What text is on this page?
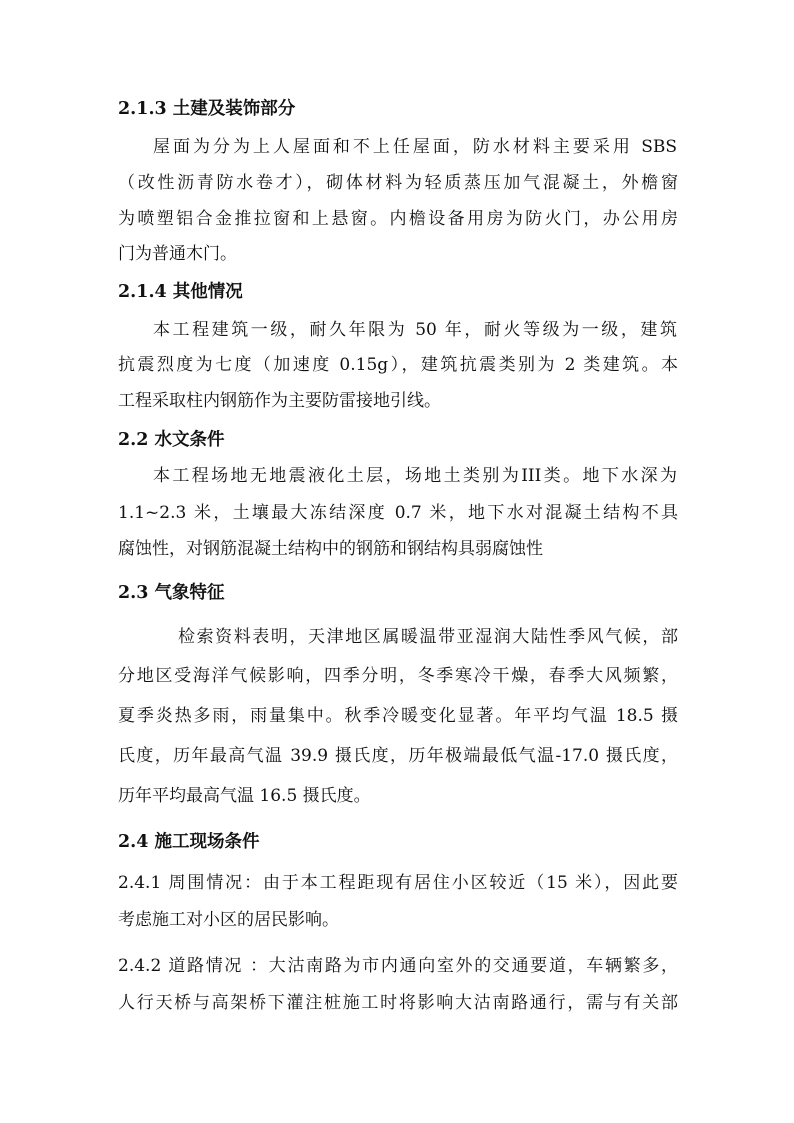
2.1.3 土建及装饰部分
屋面为分为上人屋面和不上任屋面，防水材料主要采用 SBS
（改性沥青防水卷才），砌体材料为轻质蒸压加气混凝土，外檐窗
为喷塑铝合金推拉窗和上悬窗。内檐设备用房为防火门，办公用房
门为普通木门。
2.1.4 其他情况
本工程建筑一级，耐久年限为 50 年，耐火等级为一级，建筑
抗震烈度为七度（加速度 0.15g），建筑抗震类别为 2 类建筑。本
工程采取柱内钢筋作为主要防雷接地引线。
2.2 水文条件
本工程场地无地震液化土层，场地土类别为III类。地下水深为
1.1~2.3 米，土壤最大冻结深度 0.7 米，地下水对混凝土结构不具
腐蚀性，对钢筋混凝土结构中的钢筋和钢结构具弱腐蚀性
2.3 气象特征
检索资料表明，天津地区属暖温带亚湿润大陆性季风气候，部
分地区受海洋气候影响，四季分明，冬季寒冷干燥，春季大风频繁，
夏季炎热多雨，雨量集中。秋季冷暖变化显著。年平均气温 18.5 摄
氏度，历年最高气温 39.9 摄氏度，历年极端最低气温-17.0 摄氏度，
历年平均最高气温 16.5 摄氏度。
2.4 施工现场条件
2.4.1 周围情况：由于本工程距现有居住小区较近（15 米），因此要
考虑施工对小区的居民影响。
2.4.2 道路情况 ：大沽南路为市内通向室外的交通要道，车辆繁多，
人行天桥与高架桥下灌注桩施工时将影响大沽南路通行，需与有关部
